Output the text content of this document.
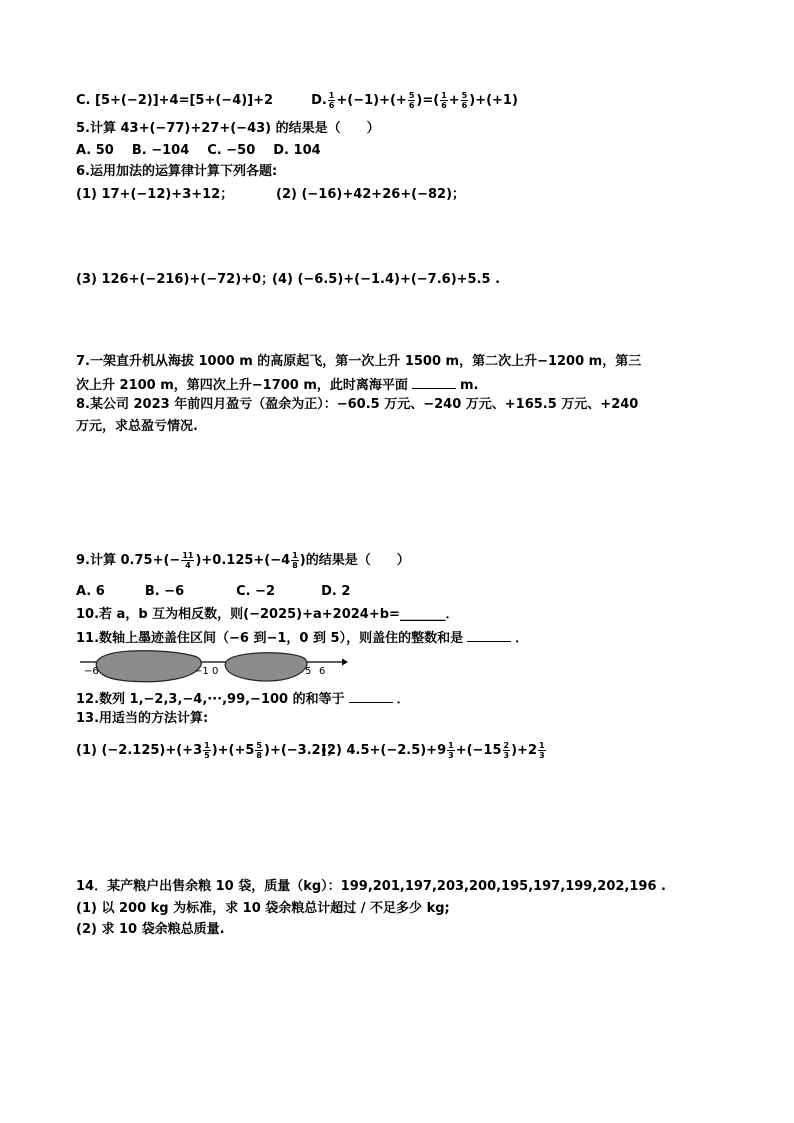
C. [5+(−2)]+4=[5+(−4)]+2	D. $\frac{1}{6} +(-1)+(+ \frac{5}{6}$ )=( $\frac{1}{6} + \frac{5}{6} )+(+1)$
5.计算 43+(−77)+27+(−43) 的结果是（　　）
A. 50 B. −104 C. −50 D. 104
6.运用加法的运算律计算下列各题:
(1) 17+(−12)+3+12；	(2) (−16)+42+26+(−82)；
(3) 126+(−216)+(−72)+0；
(4) (−6.5)+(−1.4)+(−7.6)+5.5 .
7.一架直升机从海拔 1000 m 的高原起飞，第一次上升 1500 m，第二次上升−1200 m，第三
次上升 2100 m，第四次上升−1700 m，此时离海平面	m.
8.某公司 2023 年前四月盈亏（盈余为正）：−60.5 万元、−240 万元、+165.5 万元、+240
万元，求总盈亏情况.
9.计算 $0.75+(- \frac{11}{4} )+0.125+(-4 \frac{1}{8}$ )的结果是（　　）
A. 6	B. −6	C. −2	D. 2
10.若 a，b 互为相反数，则(−2025)+a+2024+b=_______．
11.数轴上墨迹盖住区间（−6 到−1，0 到 5），则盖住的整数和是	．
−6	−1 0	5 6
12.数列 1,−2,3,−4,···,99,−100 的和等于	．
13.用适当的方法计算:
(1) $(-2.125)+(+3 \frac{1}{5} )+(+5 \frac{5}{8} )+(-3.2)$；
(2) $4.5+(-2.5)+9 \frac{1}{3} +(-15 \frac{2}{3} )+2 \frac{1}{3}$
14．某产粮户出售余粮 10 袋，质量（kg）：199,201,197,203,200,195,197,199,202,196 .
(1) 以 200 kg 为标准，求 10 袋余粮总计超过 / 不足多少 kg;
(2) 求 10 袋余粮总质量.
